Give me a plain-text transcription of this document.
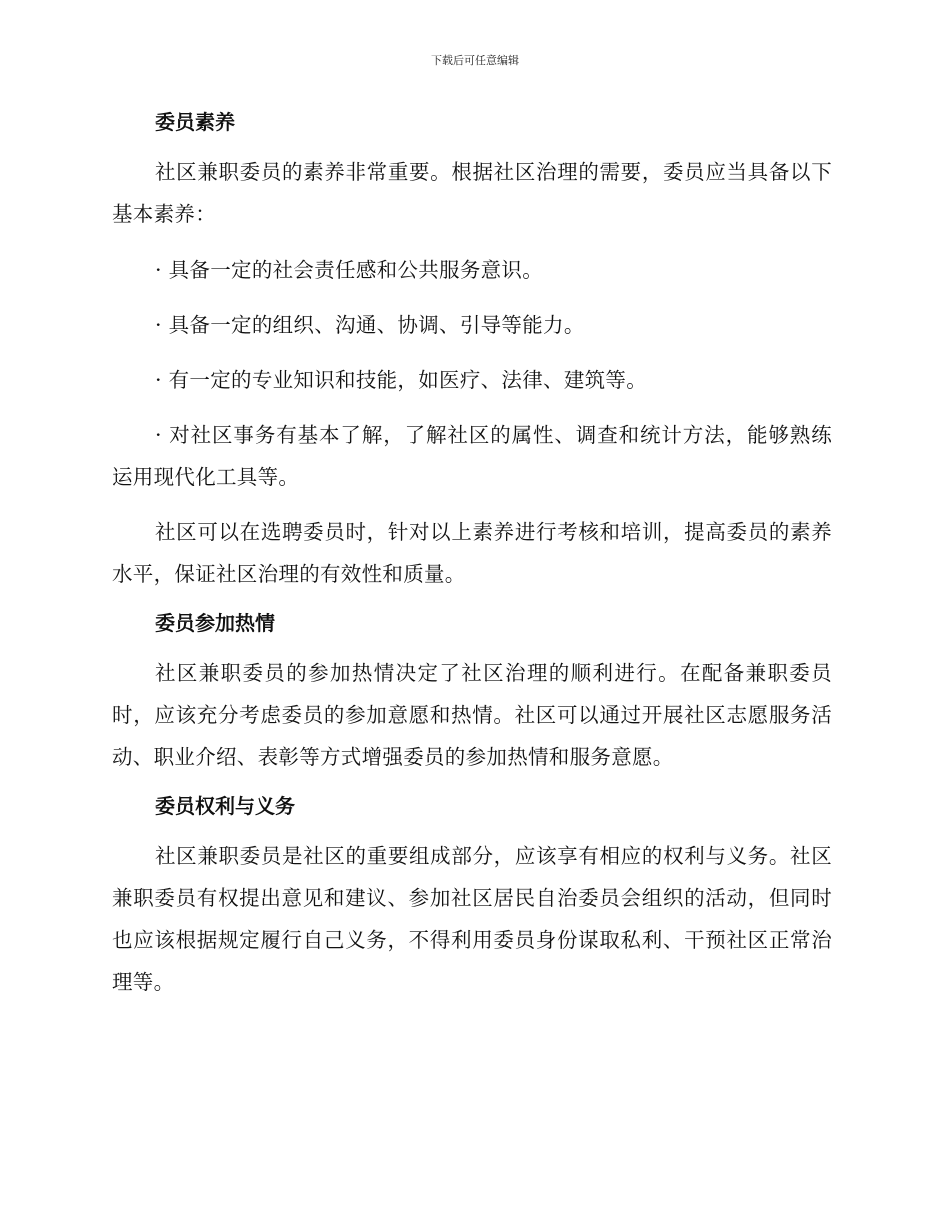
下载后可任意编辑
委员素养

社区兼职委员的素养非常重要。根据社区治理的需要，委员应当具备以下基本素养：

· 具备一定的社会责任感和公共服务意识。

· 具备一定的组织、沟通、协调、引导等能力。

· 有一定的专业知识和技能，如医疗、法律、建筑等。

· 对社区事务有基本了解，了解社区的属性、调查和统计方法，能够熟练运用现代化工具等。

社区可以在选聘委员时，针对以上素养进行考核和培训，提高委员的素养水平，保证社区治理的有效性和质量。

委员参加热情

社区兼职委员的参加热情决定了社区治理的顺利进行。在配备兼职委员时，应该充分考虑委员的参加意愿和热情。社区可以通过开展社区志愿服务活动、职业介绍、表彰等方式增强委员的参加热情和服务意愿。

委员权利与义务

社区兼职委员是社区的重要组成部分，应该享有相应的权利与义务。社区兼职委员有权提出意见和建议、参加社区居民自治委员会组织的活动，但同时也应该根据规定履行自己义务，不得利用委员身份谋取私利、干预社区正常治理等。
